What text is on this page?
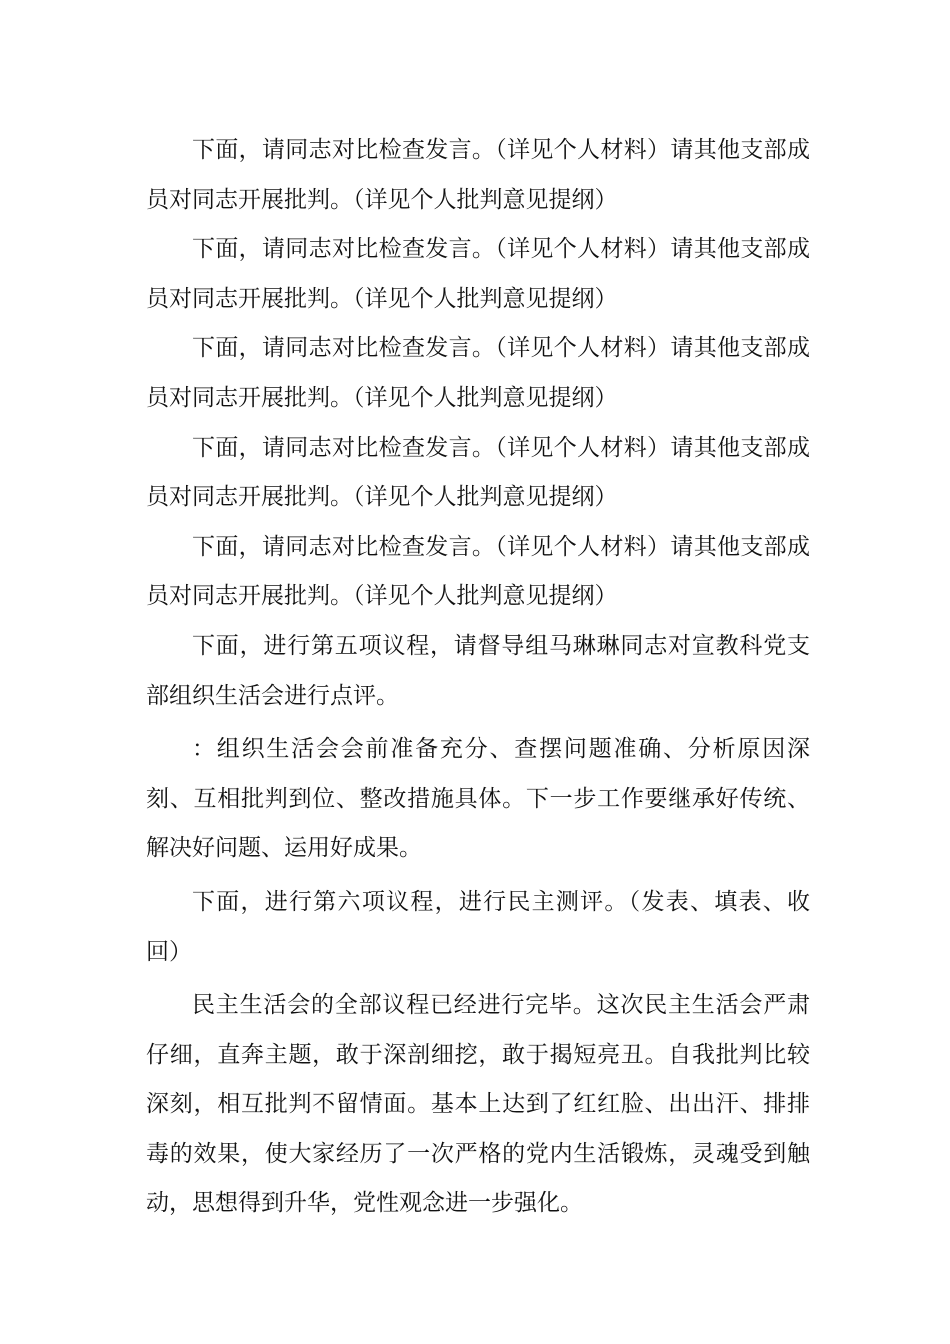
下面，请同志对比检查发言。（详见个人材料）请其他支部成员对同志开展批判。（详见个人批判意见提纲）

下面，请同志对比检查发言。（详见个人材料）请其他支部成员对同志开展批判。（详见个人批判意见提纲）

下面，请同志对比检查发言。（详见个人材料）请其他支部成员对同志开展批判。（详见个人批判意见提纲）

下面，请同志对比检查发言。（详见个人材料）请其他支部成员对同志开展批判。（详见个人批判意见提纲）

下面，请同志对比检查发言。（详见个人材料）请其他支部成员对同志开展批判。（详见个人批判意见提纲）

下面，进行第五项议程，请督导组马琳琳同志对宣教科党支部组织生活会进行点评。

：组织生活会会前准备充分、查摆问题准确、分析原因深刻、互相批判到位、整改措施具体。下一步工作要继承好传统、解决好问题、运用好成果。

下面，进行第六项议程，进行民主测评。（发表、填表、收回）

民主生活会的全部议程已经进行完毕。这次民主生活会严肃仔细，直奔主题，敢于深剖细挖，敢于揭短亮丑。自我批判比较深刻，相互批判不留情面。基本上达到了红红脸、出出汗、排排毒的效果，使大家经历了一次严格的党内生活锻炼，灵魂受到触动，思想得到升华，党性观念进一步强化。
